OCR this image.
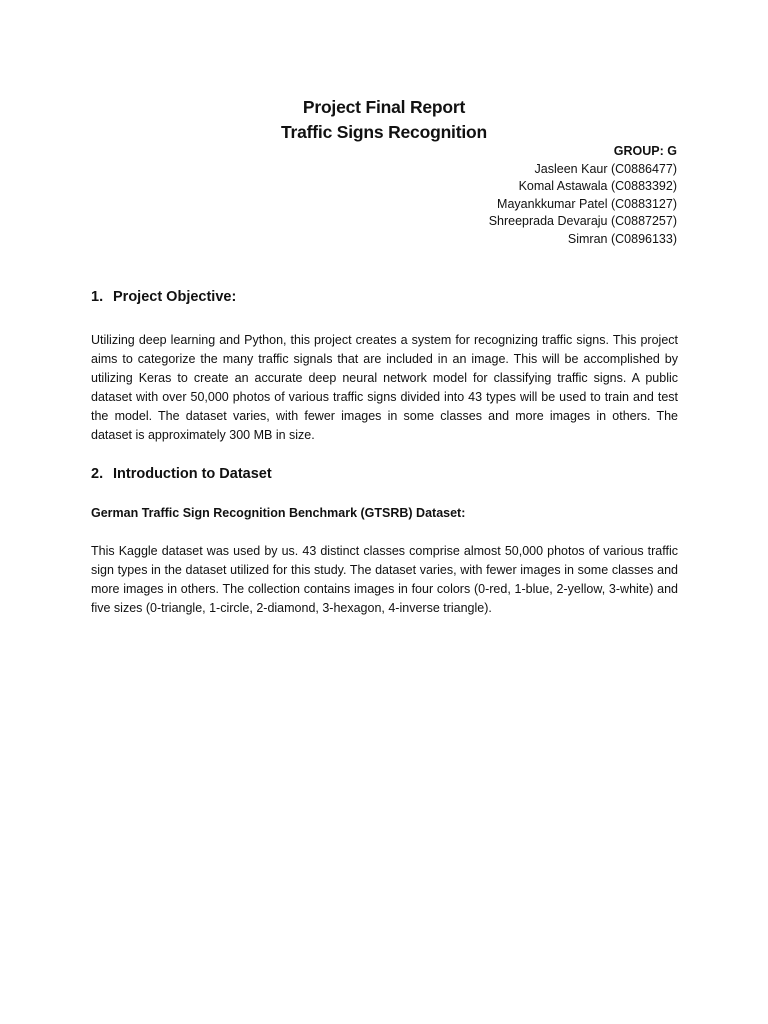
Project Final Report
Traffic Signs Recognition
GROUP: G
Jasleen Kaur (C0886477)
Komal Astawala (C0883392)
Mayankkumar Patel (C0883127)
Shreeprada Devaraju (C0887257)
Simran (C0896133)
1. Project Objective:
Utilizing deep learning and Python, this project creates a system for recognizing traffic signs. This project aims to categorize the many traffic signals that are included in an image. This will be accomplished by utilizing Keras to create an accurate deep neural network model for classifying traffic signs. A public dataset with over 50,000 photos of various traffic signs divided into 43 types will be used to train and test the model. The dataset varies, with fewer images in some classes and more images in others. The dataset is approximately 300 MB in size.
2. Introduction to Dataset
German Traffic Sign Recognition Benchmark (GTSRB) Dataset:
This Kaggle dataset was used by us. 43 distinct classes comprise almost 50,000 photos of various traffic sign types in the dataset utilized for this study. The dataset varies, with fewer images in some classes and more images in others. The collection contains images in four colors (0-red, 1-blue, 2-yellow, 3-white) and five sizes (0-triangle, 1-circle, 2-diamond, 3-hexagon, 4-inverse triangle).
